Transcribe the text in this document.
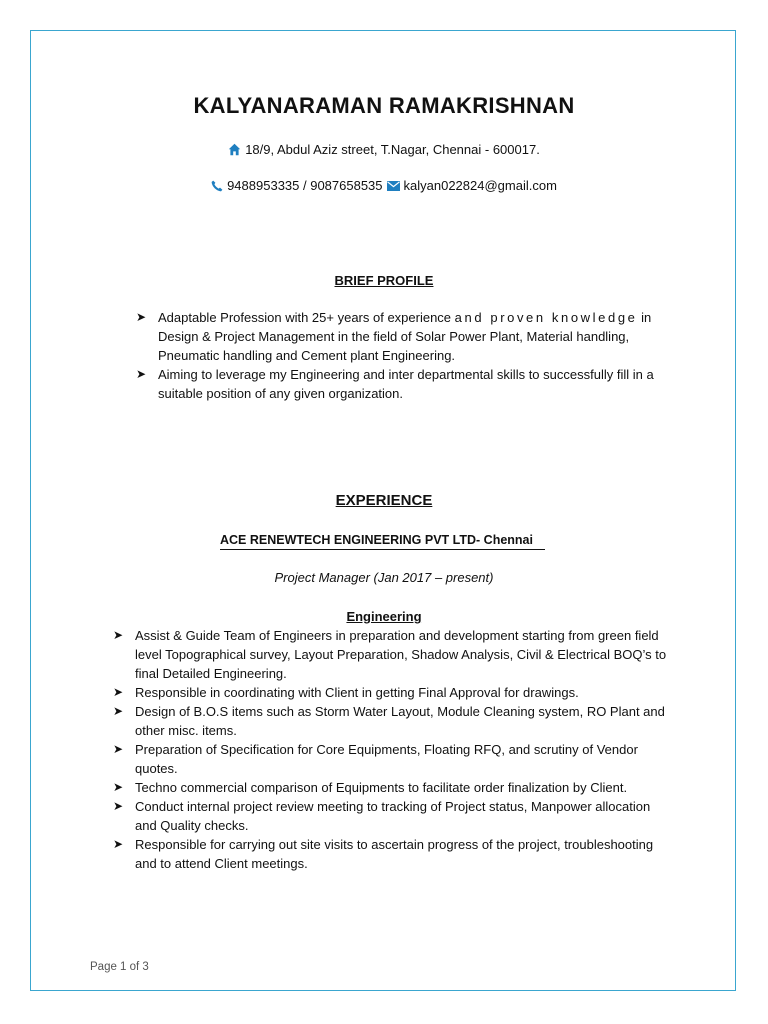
KALYANARAMAN RAMAKRISHNAN
18/9, Abdul Aziz street, T.Nagar, Chennai - 600017.
9488953335 / 9087658535 kalyan022824@gmail.com
BRIEF PROFILE
➤ Adaptable Profession with 25+ years of experience and proven knowledge in Design & Project Management in the field of Solar Power Plant, Material handling, Pneumatic handling and Cement plant Engineering.
➤ Aiming to leverage my Engineering and inter departmental skills to successfully fill in a suitable position of any given organization.
EXPERIENCE
ACE RENEWTECH ENGINEERING PVT LTD- Chennai
Project Manager (Jan 2017 – present)
Engineering
➤ Assist & Guide Team of Engineers in preparation and development starting from green field level Topographical survey, Layout Preparation, Shadow Analysis, Civil & Electrical BOQ’s to final Detailed Engineering.
➤ Responsible in coordinating with Client in getting Final Approval for drawings.
➤ Design of B.O.S items such as Storm Water Layout, Module Cleaning system, RO Plant and other misc. items.
➤ Preparation of Specification for Core Equipments, Floating RFQ, and scrutiny of Vendor quotes.
➤ Techno commercial comparison of Equipments to facilitate order finalization by Client.
➤ Conduct internal project review meeting to tracking of Project status, Manpower allocation and Quality checks.
➤ Responsible for carrying out site visits to ascertain progress of the project, troubleshooting and to attend Client meetings.
Page 1 of 3
